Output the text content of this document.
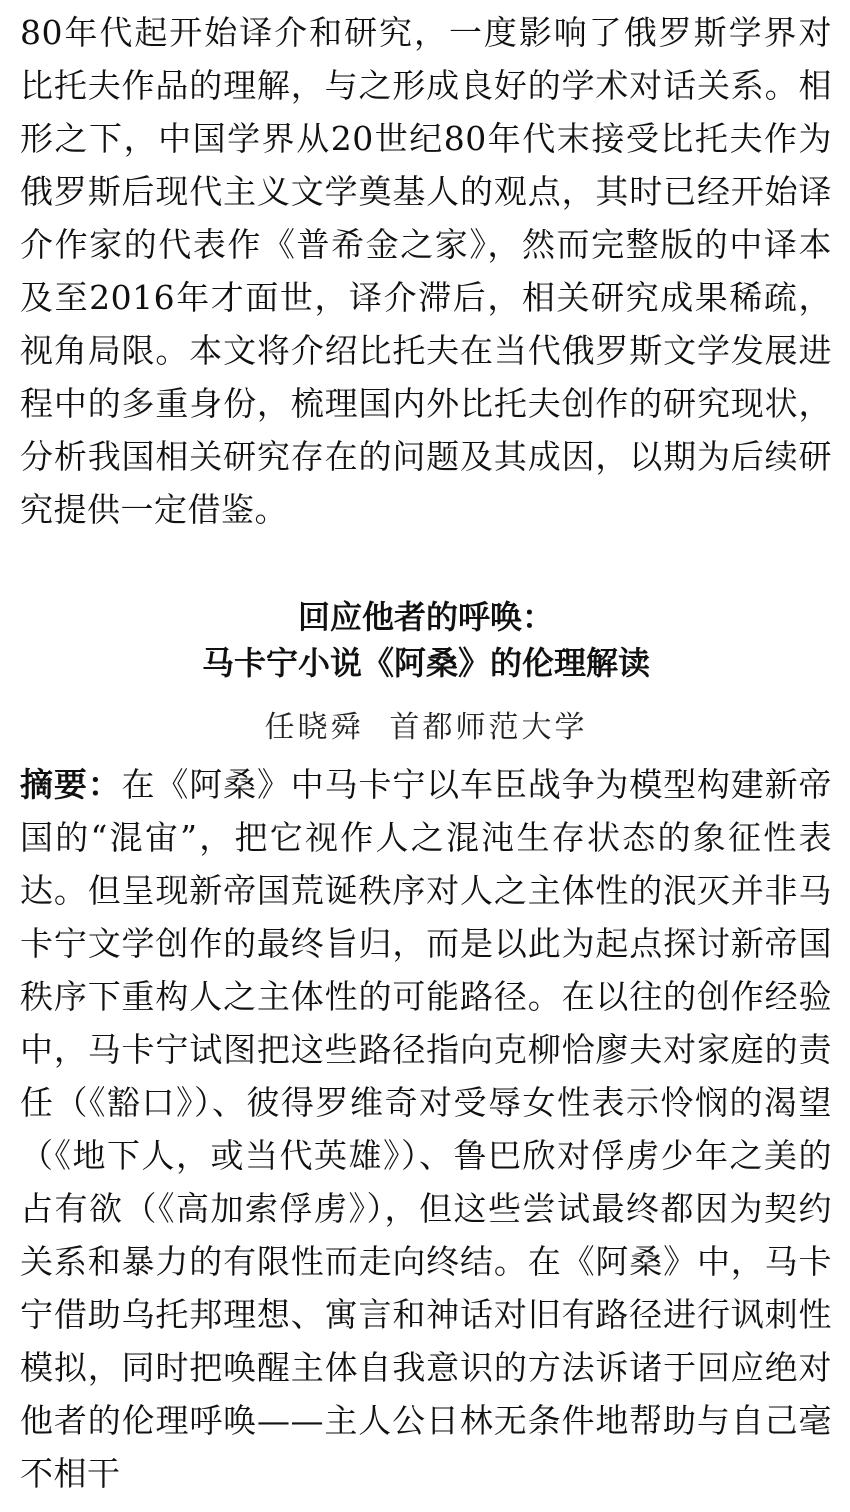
80年代起开始译介和研究，一度影响了俄罗斯学界对比托夫作品的理解，与之形成良好的学术对话关系。相形之下，中国学界从20世纪80年代末接受比托夫作为俄罗斯后现代主义文学奠基人的观点，其时已经开始译介作家的代表作《普希金之家》，然而完整版的中译本及至2016年才面世，译介滞后，相关研究成果稀疏，视角局限。本文将介绍比托夫在当代俄罗斯文学发展进程中的多重身份，梳理国内外比托夫创作的研究现状，分析我国相关研究存在的问题及其成因，以期为后续研究提供一定借鉴。

回应他者的呼唤：
马卡宁小说《阿桑》的伦理解读
任晓舜 首都师范大学

摘要：在《阿桑》中马卡宁以车臣战争为模型构建新帝国的“混宙”，把它视作人之混沌生存状态的象征性表达。但呈现新帝国荒诞秩序对人之主体性的泯灭并非马卡宁文学创作的最终旨归，而是以此为起点探讨新帝国秩序下重构人之主体性的可能路径。在以往的创作经验中，马卡宁试图把这些路径指向克柳恰廖夫对家庭的责任（《豁口》）、彼得罗维奇对受辱女性表示怜悯的渴望（《地下人，或当代英雄》）、鲁巴欣对俘虏少年之美的占有欲（《高加索俘虏》），但这些尝试最终都因为契约关系和暴力的有限性而走向终结。在《阿桑》中，马卡宁借助乌托邦理想、寓言和神话对旧有路径进行讽刺性模拟，同时把唤醒主体自我意识的方法诉诸于回应绝对他者的伦理呼唤——主人公日林无条件地帮助与自己毫不相干
